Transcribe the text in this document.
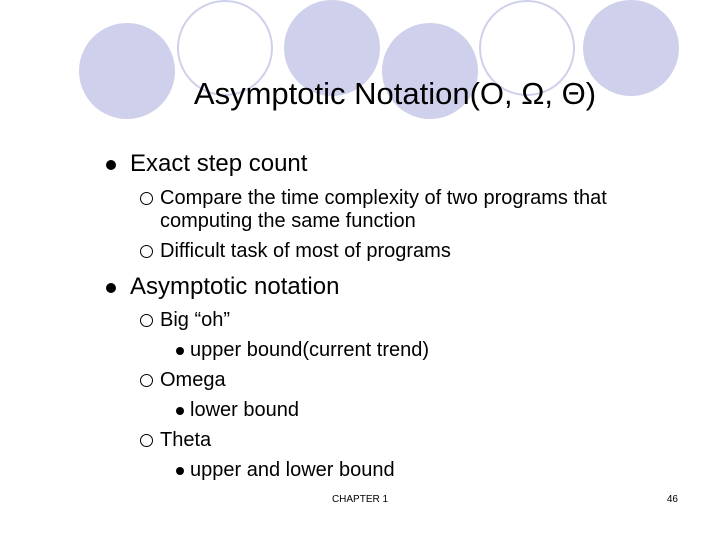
Asymptotic Notation(O, Ω, Θ)
Exact step count
Compare the time complexity of two programs that computing the same function
Difficult task of most of programs
Asymptotic notation
Big “oh”
upper bound(current trend)
Omega
lower bound
Theta
upper and lower bound
CHAPTER 1	46
